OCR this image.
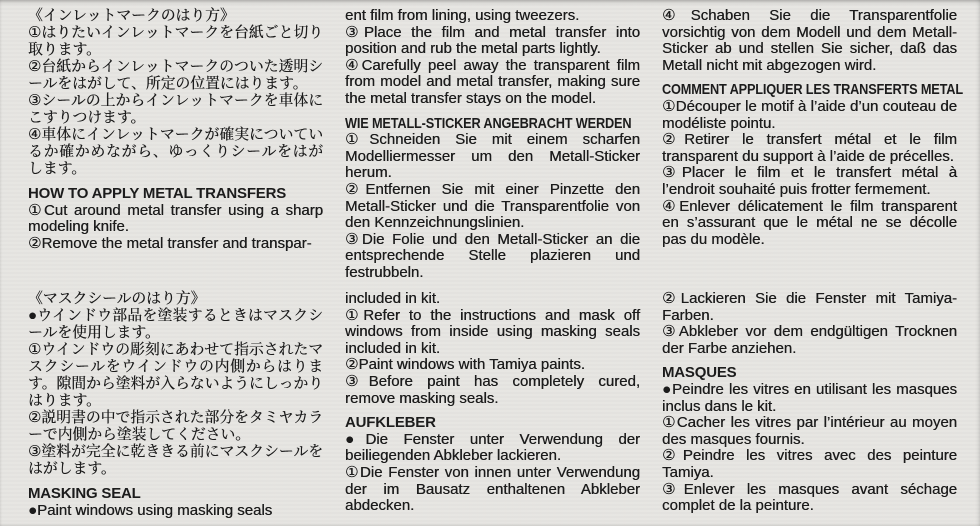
《インレットマークのはり方》

①はりたいインレットマークを台紙ごと切り取ります。

②台紙からインレットマークのついた透明シールをはがして、所定の位置にはります。

③シールの上からインレットマークを車体にこすりつけます。

④車体にインレットマークが確実についているか確かめながら、ゆっくりシールをはがします。

HOW TO APPLY METAL TRANSFERS

①Cut around metal transfer using a sharp modeling knife.

②Remove the metal transfer and transpar-

ent film from lining, using tweezers.

③Place the film and metal transfer into position and rub the metal parts lightly.

④Carefully peel away the transparent film from model and metal transfer, making sure the metal transfer stays on the model.

WIE METALL-STICKER ANGEBRACHT WERDEN

①Schneiden Sie mit einem scharfen Modelliermesser um den Metall-Sticker herum.

②Entfernen Sie mit einer Pinzette den Metall-Sticker und die Transparentfolie von den Kennzeichnungslinien.

③Die Folie und den Metall-Sticker an die entsprechende Stelle plazieren und festrubbeln.

④Schaben Sie die Transparentfolie vorsichtig von dem Modell und dem Metall-Sticker ab und stellen Sie sicher, daß das Metall nicht mit abgezogen wird.

COMMENT APPLIQUER LES TRANSFERTS METAL

①Découper le motif à l’aide d’un couteau de modéliste pointu.

②Retirer le transfert métal et le film transparent du support à l’aide de précelles.

③Placer le film et le transfert métal à l’endroit souhaité puis frotter fermement.

④Enlever délicatement le film transparent en s’assurant que le métal ne se décolle pas du modèle.

《マスクシールのはり方》

●ウインドウ部品を塗装するときはマスクシールを使用します。

①ウインドウの彫刻にあわせて指示されたマスクシールをウインドウの内側からはります。隙間から塗料が入らないようにしっかりはります。

②説明書の中で指示された部分をタミヤカラーで内側から塗装してください。

③塗料が完全に乾ききる前にマスクシールをはがします。

MASKING SEAL

●Paint windows using masking seals

included in kit.

①Refer to the instructions and mask off windows from inside using masking seals included in kit.

②Paint windows with Tamiya paints.

③Before paint has completely cured, remove masking seals.

AUFKLEBER

●Die Fenster unter Verwendung der beiliegenden Abkleber lackieren.

①Die Fenster von innen unter Verwendung der im Bausatz enthaltenen Abkleber abdecken.

②Lackieren Sie die Fenster mit Tamiya-Farben.

③Abkleber vor dem endgültigen Trocknen der Farbe anziehen.

MASQUES

●Peindre les vitres en utilisant les masques inclus dans le kit.

①Cacher les vitres par l’intérieur au moyen des masques fournis.

②Peindre les vitres avec des peinture Tamiya.

③Enlever les masques avant séchage complet de la peinture.
